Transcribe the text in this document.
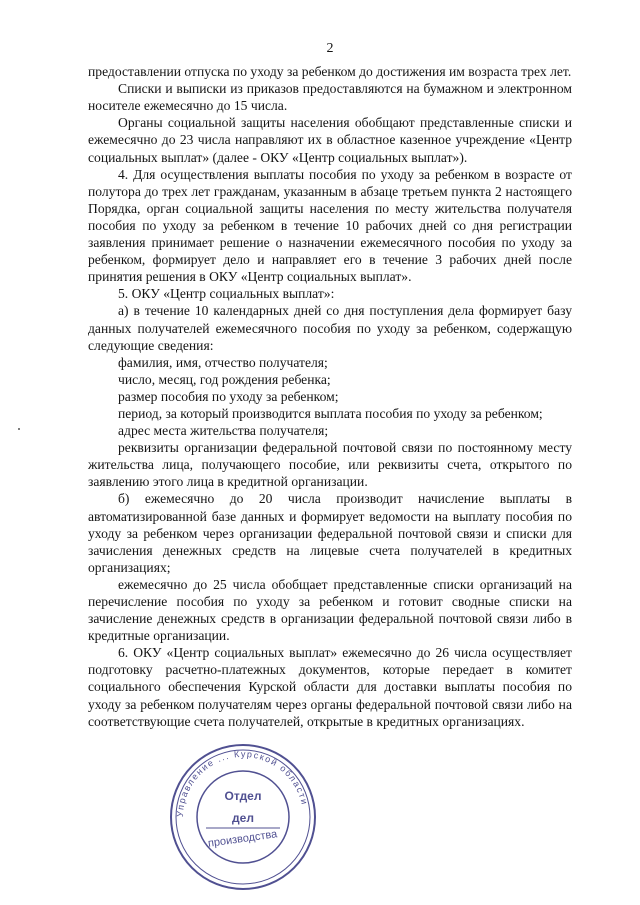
2

предоставлении отпуска по уходу за ребенком до достижения им возраста трех лет.

Списки и выписки из приказов предоставляются на бумажном и электронном носителе ежемесячно до 15 числа.

Органы социальной защиты населения обобщают представленные списки и ежемесячно до 23 числа направляют их в областное казенное учреждение «Центр социальных выплат» (далее - ОКУ «Центр социальных выплат»).

4. Для осуществления выплаты пособия по уходу за ребенком в возрасте от полутора до трех лет гражданам, указанным в абзаце третьем пункта 2 настоящего Порядка, орган социальной защиты населения по месту жительства получателя пособия по уходу за ребенком в течение 10 рабочих дней со дня регистрации заявления принимает решение о назначении ежемесячного пособия по уходу за ребенком, формирует дело и направляет его в течение 3 рабочих дней после принятия решения в ОКУ «Центр социальных выплат».

5. ОКУ «Центр социальных выплат»:

а) в течение 10 календарных дней со дня поступления дела формирует базу данных получателей ежемесячного пособия по уходу за ребенком, содержащую следующие сведения:

фамилия, имя, отчество получателя;

число, месяц, год рождения ребенка;

размер пособия по уходу за ребенком;

период, за который производится выплата пособия по уходу за ребенком;

адрес места жительства получателя;

реквизиты организации федеральной почтовой связи по постоянному месту жительства лица, получающего пособие, или реквизиты счета, открытого по заявлению этого лица в кредитной организации.

б) ежемесячно до 20 числа производит начисление выплаты в автоматизированной базе данных и формирует ведомости на выплату пособия по уходу за ребенком через организации федеральной почтовой связи и списки для зачисления денежных средств на лицевые счета получателей в кредитных организациях;

ежемесячно до 25 числа обобщает представленные списки организаций на перечисление пособия по уходу за ребенком и готовит сводные списки на зачисление денежных средств в организации федеральной почтовой связи либо в кредитные организации.

6. ОКУ «Центр социальных выплат» ежемесячно до 26 числа осуществляет подготовку расчетно-платежных документов, которые передает в комитет социального обеспечения Курской области для доставки выплаты пособия по уходу за ребенком получателям через органы федеральной почтовой связи либо на соответствующие счета получателей, открытые в кредитных организациях.

Управление ... Курской области
Отдел
дел
производства
